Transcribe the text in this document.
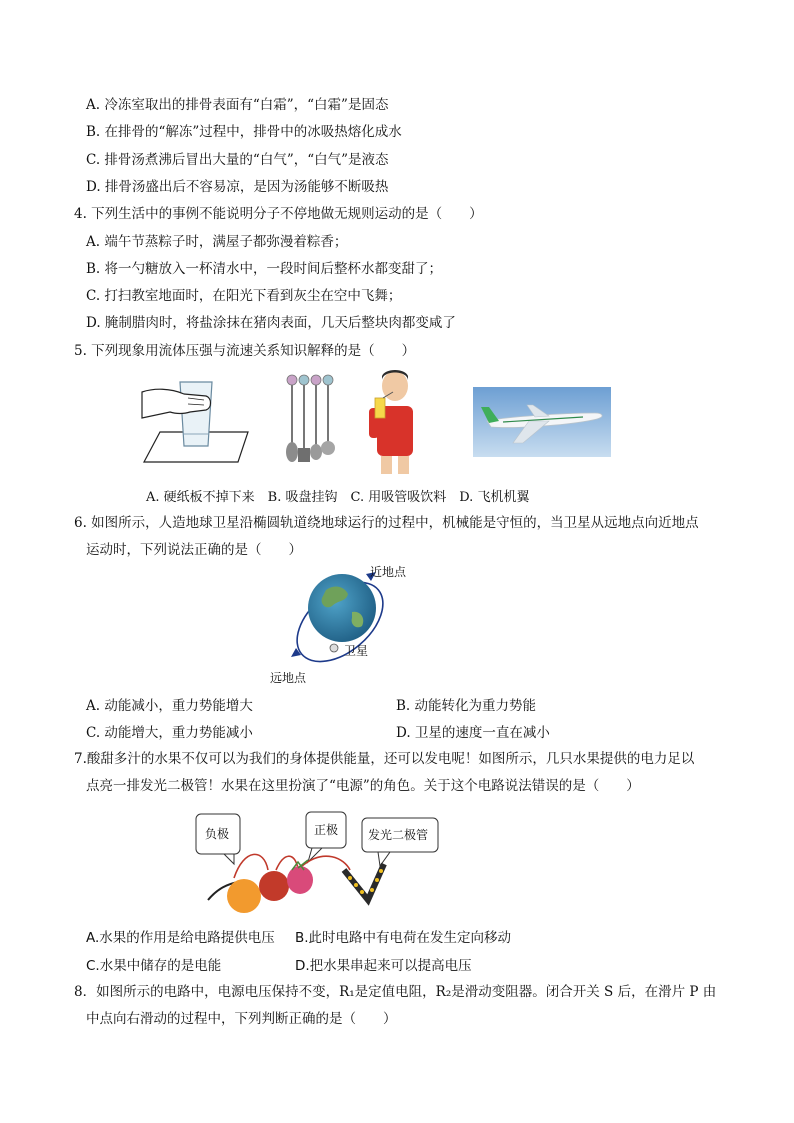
A. 冷冻室取出的排骨表面有“白霜”，“白霜”是固态
B. 在排骨的“解冻”过程中，排骨中的冰吸热熔化成水
C. 排骨汤煮沸后冒出大量的“白气”，“白气”是液态
D. 排骨汤盛出后不容易凉，是因为汤能够不断吸热
4. 下列生活中的事例不能说明分子不停地做无规则运动的是（　　）
A. 端午节蒸粽子时，满屋子都弥漫着粽香；
B. 将一勺糖放入一杯清水中，一段时间后整杯水都变甜了；
C. 打扫教室地面时，在阳光下看到灰尘在空中飞舞；
D. 腌制腊肉时，将盐涂抹在猪肉表面，几天后整块肉都变咸了
5. 下列现象用流体压强与流速关系知识解释的是（　　）
A. 硬纸板不掉下来　B. 吸盘挂钩　C. 用吸管吸饮料　D. 飞机机翼
6. 如图所示，人造地球卫星沿椭圆轨道绕地球运行的过程中，机械能是守恒的，当卫星从远地点向近地点
运动时，下列说法正确的是（　　）
近地点
卫星
远地点
A. 动能减小，重力势能增大	B. 动能转化为重力势能
C. 动能增大，重力势能减小	D. 卫星的速度一直在减小
7.酸甜多汁的水果不仅可以为我们的身体提供能量，还可以发电呢！如图所示，几只水果提供的电力足以
点亮一排发光二极管！水果在这里扮演了“电源”的角色。关于这个电路说法错误的是（　　）
负极	正极 发光二极管
A.水果的作用是给电路提供电压 B.此时电路中有电荷在发生定向移动
C.水果中储存的是电能	D.把水果串起来可以提高电压
8．如图所示的电路中，电源电压保持不变，R₁是定值电阻，R₂是滑动变阻器。闭合开关 S 后，在滑片 P 由
中点向右滑动的过程中，下列判断正确的是（　　）
